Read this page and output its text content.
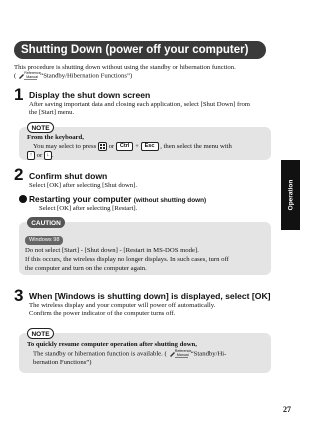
Shutting Down (power off your computer)
Operation
This procedure is shutting down without using the standby or hibernation function.
( Reference
Manual “Standby/Hibernation Functions”)
1 Display the shut down screen
After saving important data and closing each application, select [Shut Down] from
the [Start] menu.
NOTE
From the keyboard,
You may select to press or Ctrl + Esc , then select the menu with
↑ or ↓ .
2 Confirm shut down
Select [OK] after selecting [Shut down].
Restarting your computer (without shutting down)
Select [OK] after selecting [Restart].
CAUTION
Windows 98
Do not select [Start] - [Shut down] - [Restart in MS-DOS mode].
If this occurs, the wireless display no longer displays. In such cases, turn off
the computer and turn on the computer again.
3 When [Windows is shutting down] is displayed, select [OK]
The wireless display and your computer will power off automatically.
Confirm the power indicator of the computer turns off.
NOTE
To quickly resume computer operation after shutting down,
The standby or hibernation function is available. ( Reference
Manual “Standby/Hi-
bernation Functions”)
27
